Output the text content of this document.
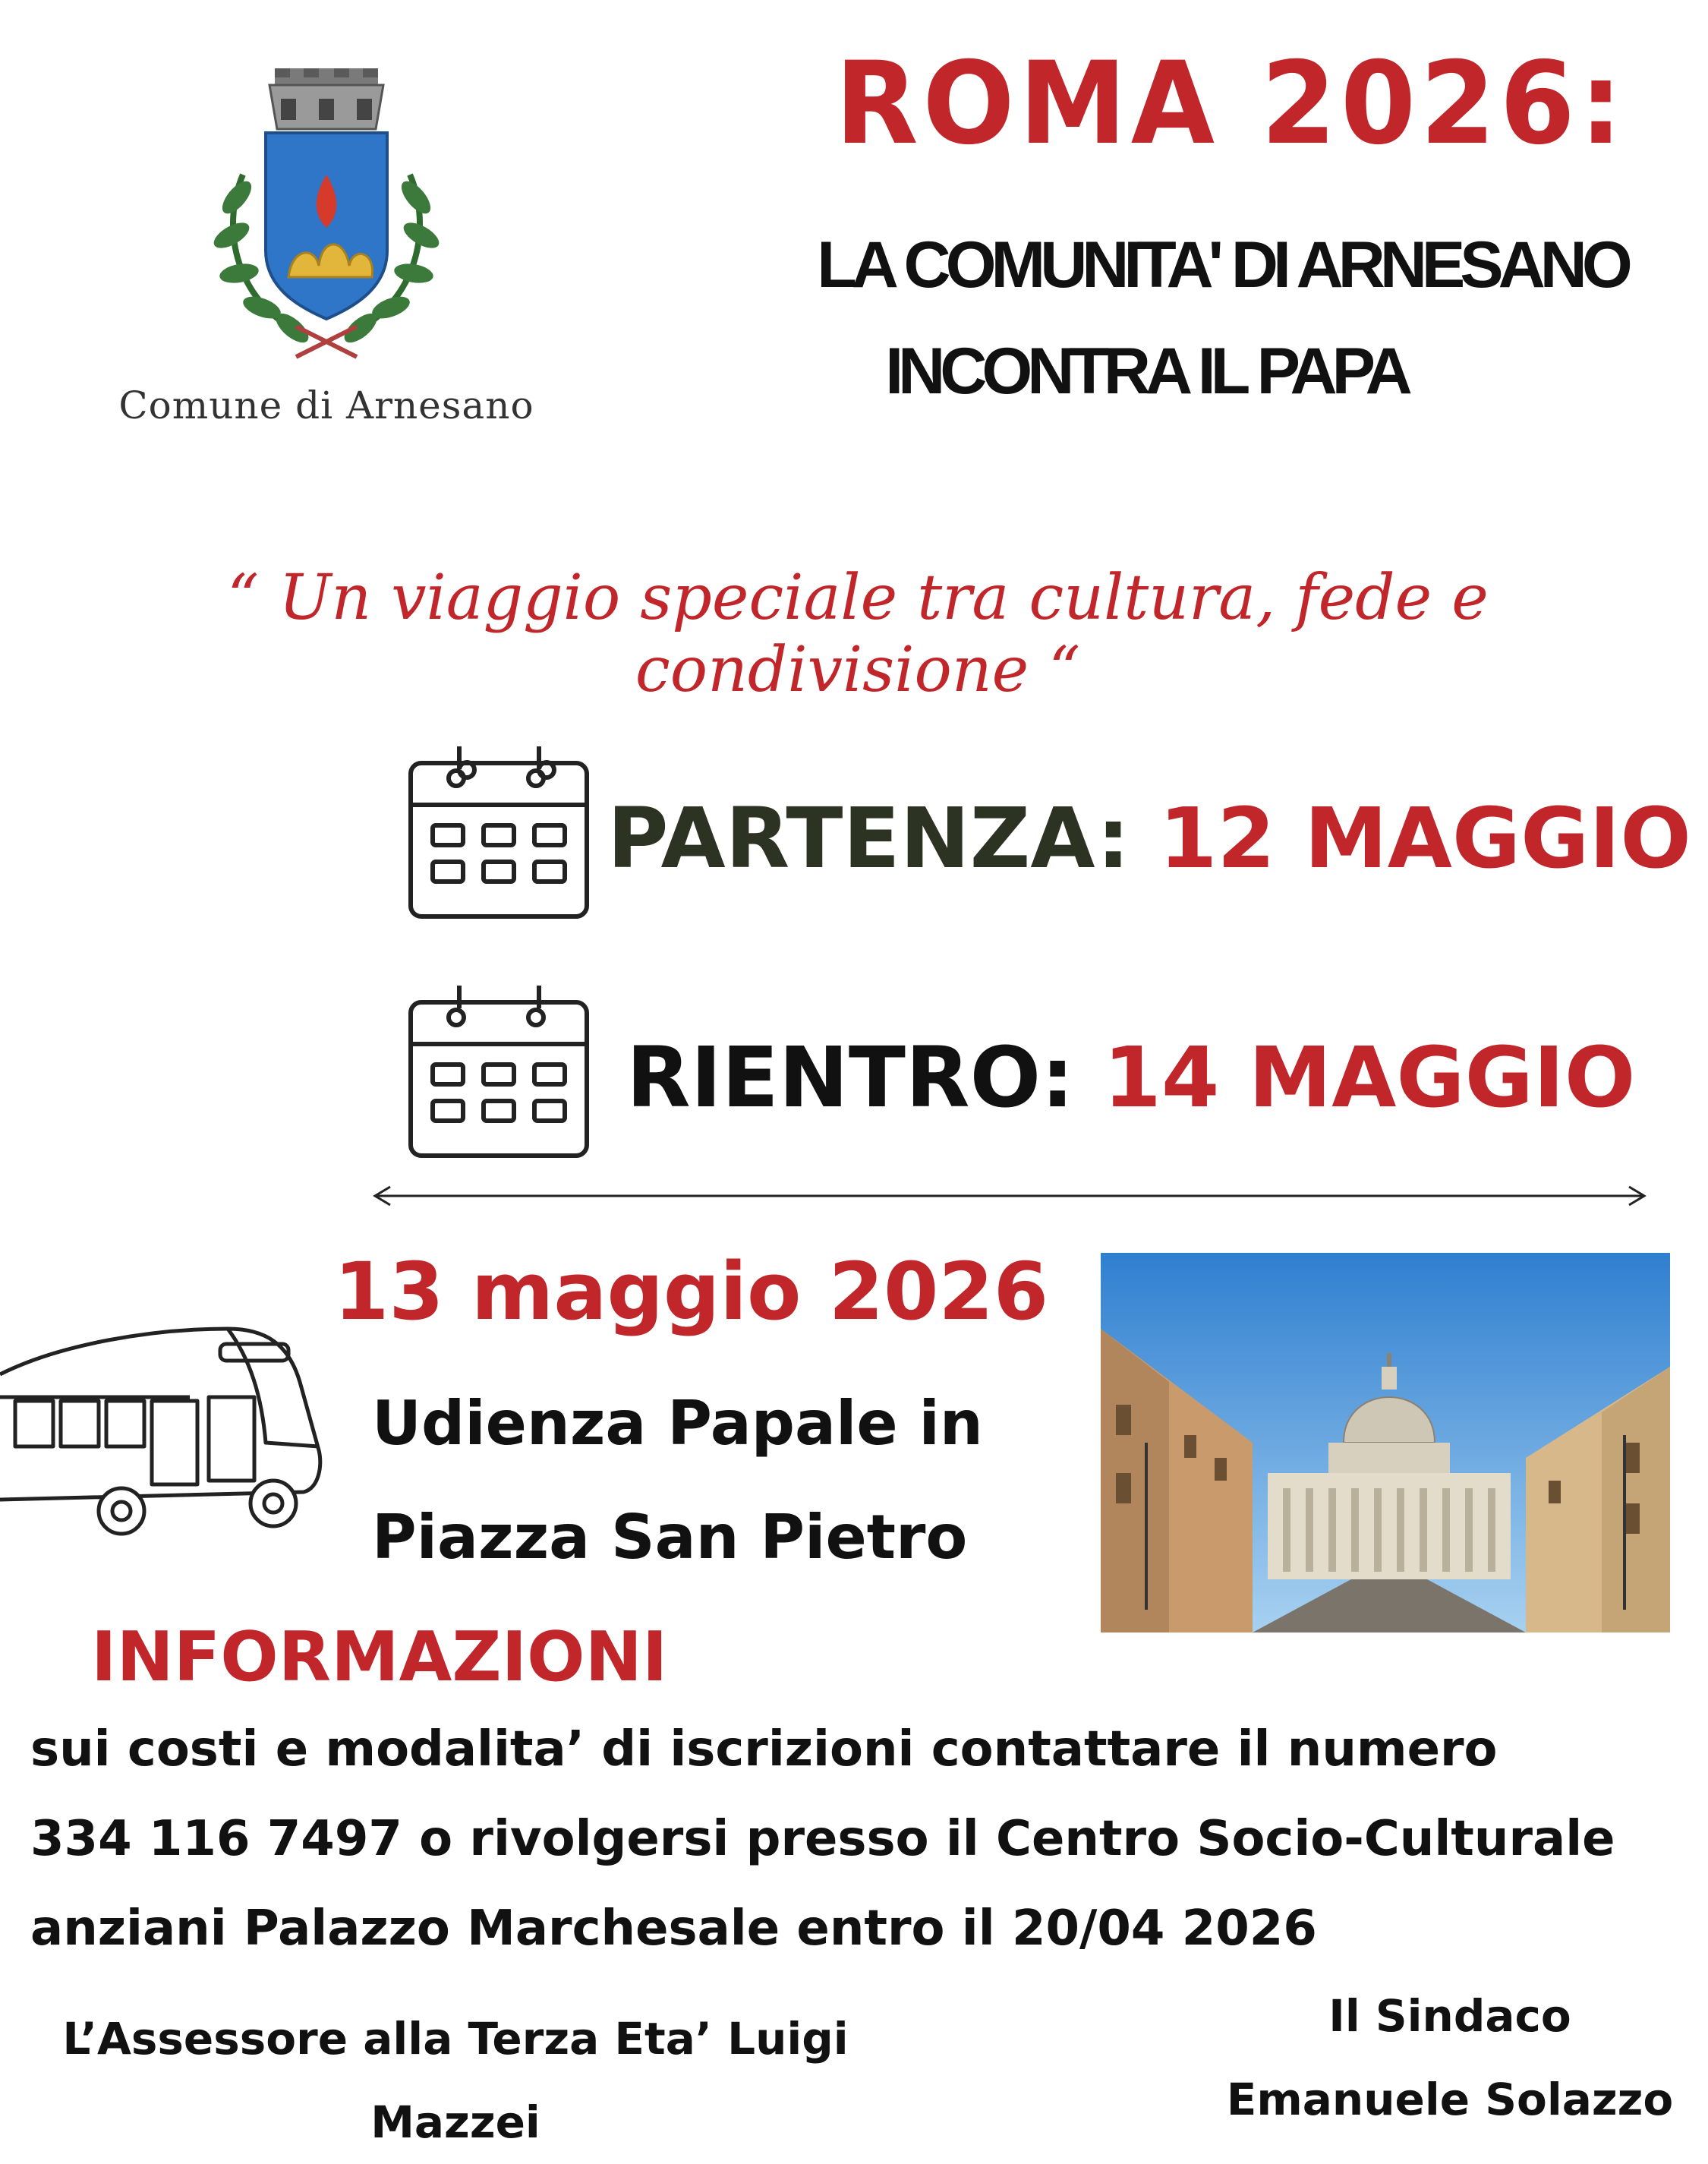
Comune di Arnesano
ROMA 2026:
LA COMUNITA' DI ARNESANO
INCONTRA IL PAPA
“ Un viaggio speciale tra cultura, fede e condivisione “
PARTENZA: 12 MAGGIO
RIENTRO: 14 MAGGIO
13 maggio 2026
Udienza Papale in
Piazza San Pietro
INFORMAZIONI
sui costi e modalita’ di iscrizioni contattare il numero
334 116 7497 o rivolgersi presso il Centro Socio-Culturale
anziani Palazzo Marchesale entro il 20/04 2026
L’Assessore alla Terza Eta’ Luigi
Mazzei
Il Sindaco
Emanuele Solazzo
